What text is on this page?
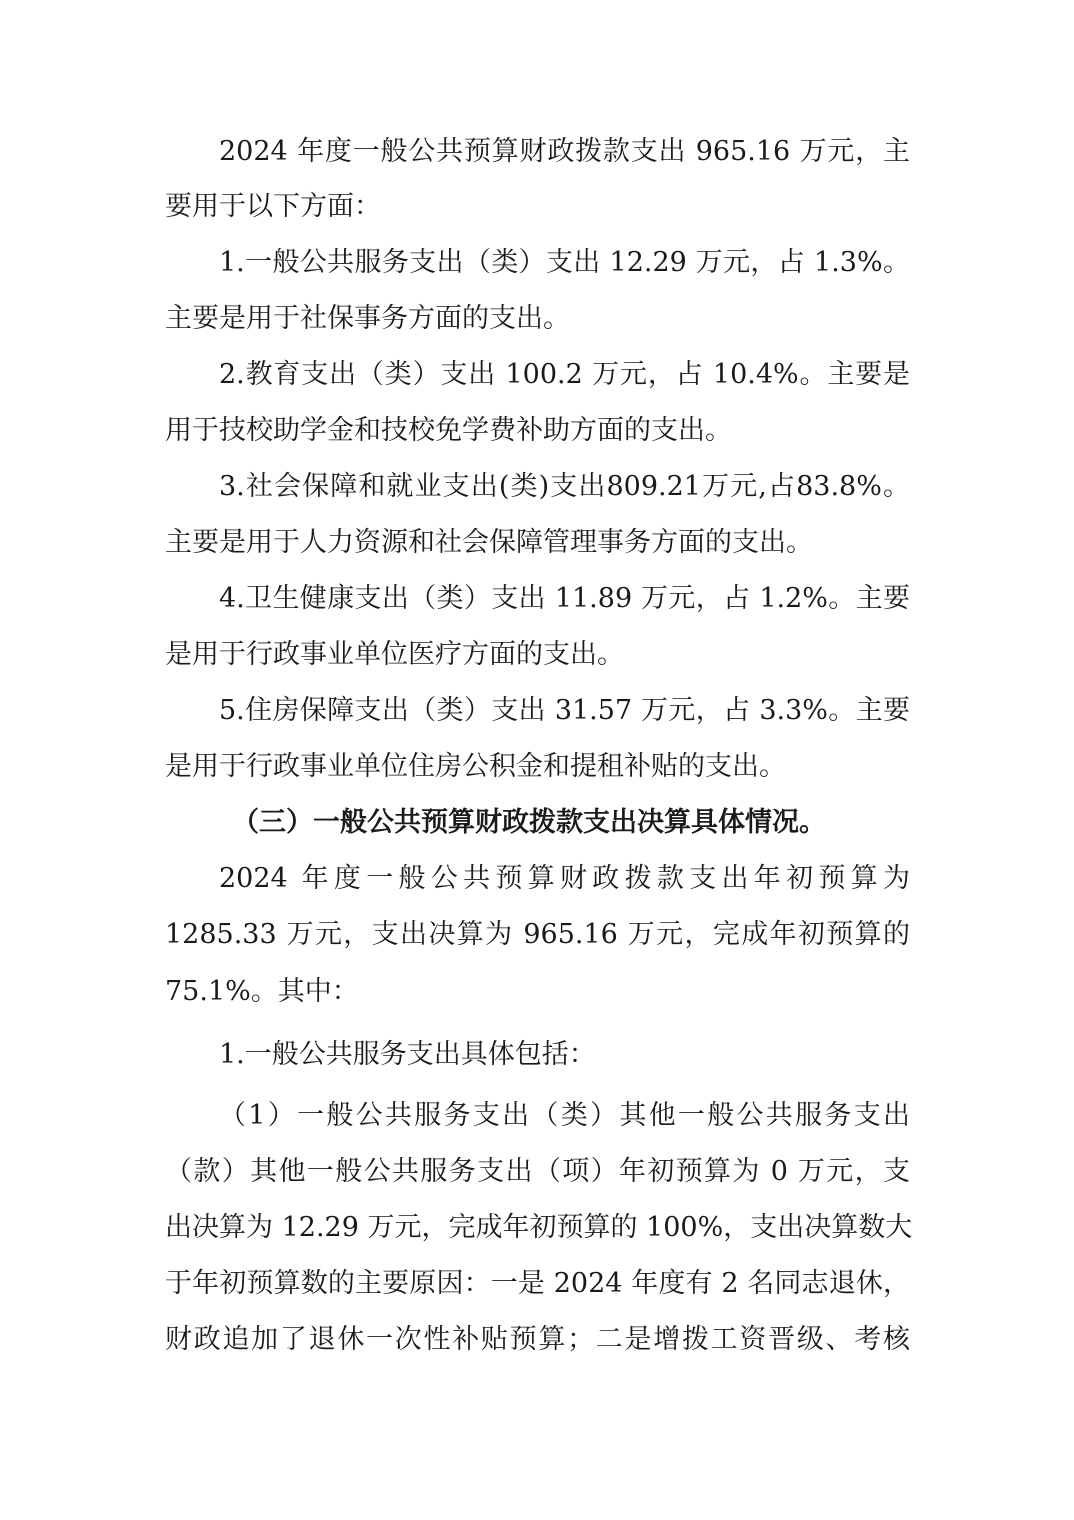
2024 年度一般公共预算财政拨款支出 965.16 万元，主
要用于以下方面：
1.一般公共服务支出（类）支出 12.29 万元，占 1.3%。
主要是用于社保事务方面的支出。
2.教育支出（类）支出 100.2 万元，占 10.4%。主要是
用于技校助学金和技校免学费补助方面的支出。
3.社会保障和就业支出(类)支出809.21万元,占83.8%。
主要是用于人力资源和社会保障管理事务方面的支出。
4.卫生健康支出（类）支出 11.89 万元，占 1.2%。主要
是用于行政事业单位医疗方面的支出。
5.住房保障支出（类）支出 31.57 万元，占 3.3%。主要
是用于行政事业单位住房公积金和提租补贴的支出。
（三）一般公共预算财政拨款支出决算具体情况。
2024 年度一般公共预算财政拨款支出年初预算为
1285.33 万元，支出决算为 965.16 万元，完成年初预算的
75.1%。其中：
1.一般公共服务支出具体包括：
（1）一般公共服务支出（类）其他一般公共服务支出
（款）其他一般公共服务支出（项）年初预算为 0 万元，支
出决算为 12.29 万元，完成年初预算的 100%，支出决算数大
于年初预算数的主要原因：一是 2024 年度有 2 名同志退休，
财政追加了退休一次性补贴预算；二是增拨工资晋级、考核
